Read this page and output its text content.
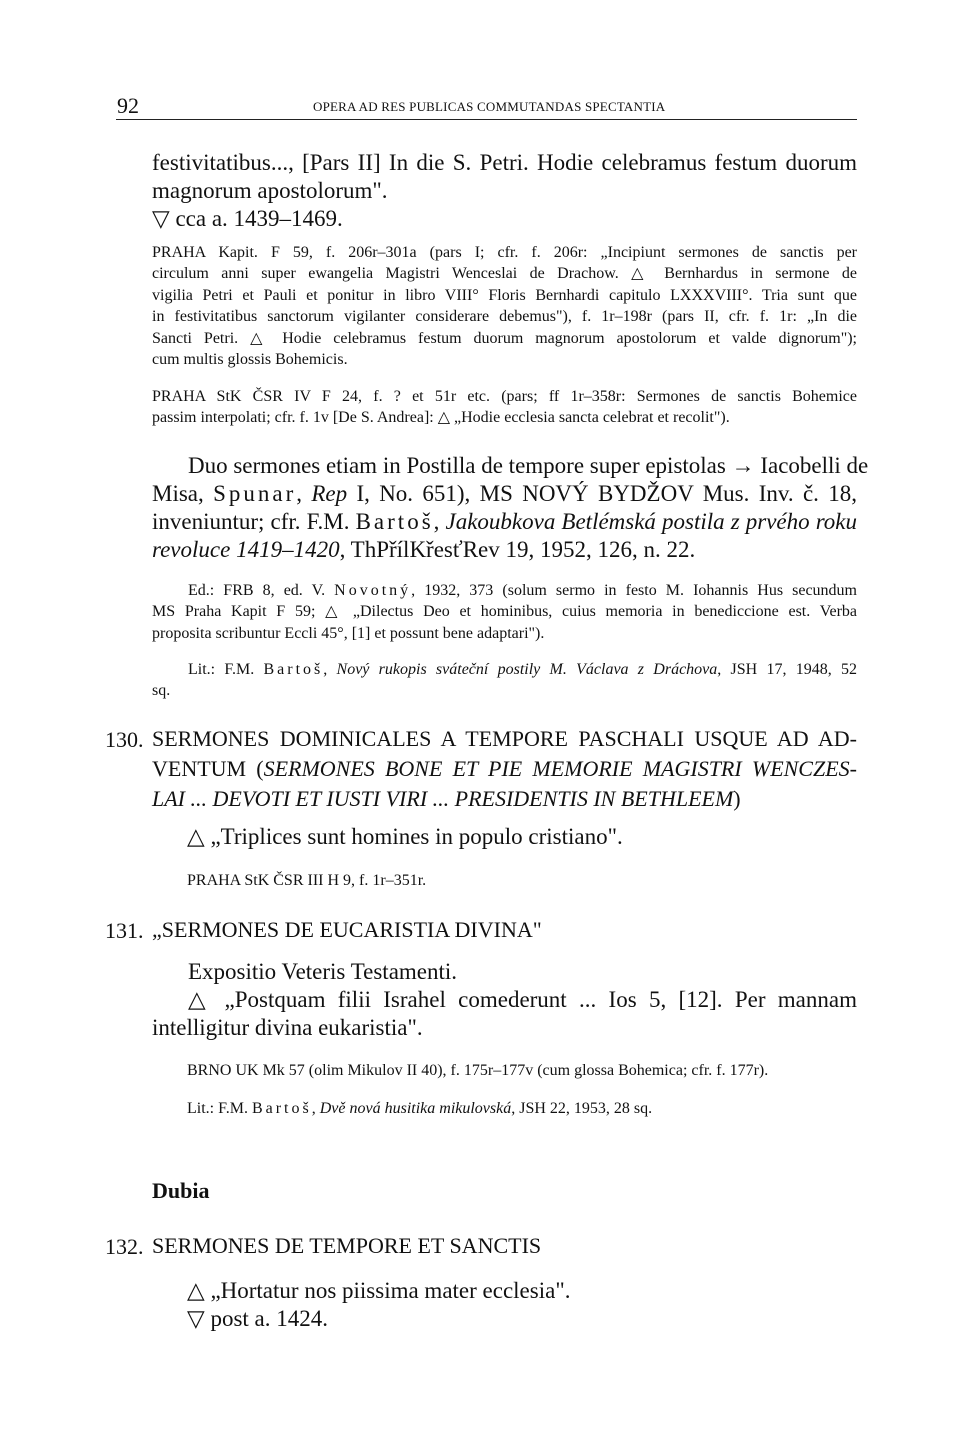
92	OPERA AD RES PUBLICAS COMMUTANDAS SPECTANTIA
festivitatibus..., [Pars II] In die S. Petri. Hodie celebramus festum duorum
magnorum apostolorum".
▽ cca a. 1439–1469.
PRAHA Kapit. F 59, f. 206r–301a (pars I; cfr. f. 206r: „Incipiunt sermones de sanctis per
circulum anni super ewangelia Magistri Wenceslai de Drachow. △ Bernhardus in sermone de
vigilia Petri et Pauli et ponitur in libro VIII° Floris Bernhardi capitulo LXXXVIII°. Tria sunt que
in festivitatibus sanctorum vigilanter considerare debemus"), f. 1r–198r (pars II, cfr. f. 1r: „In die
Sancti Petri. △ Hodie celebramus festum duorum magnorum apostolorum et valde dignorum");
cum multis glossis Bohemicis.
PRAHA StK ČSR IV F 24, f. ? et 51r etc. (pars; ff 1r–358r: Sermones de sanctis Bohemice
passim interpolati; cfr. f. 1v [De S. Andrea]: △ „Hodie ecclesia sancta celebrat et recolit").
Duo sermones etiam in Postilla de tempore super epistolas → Iacobelli de
Misa, Spunar, Rep I, No. 651), MS NOVÝ BYDŽOV Mus. Inv. č. 18,
inveniuntur; cfr. F.M. Bartoš, Jakoubkova Betlémská postila z prvého roku
revoluce 1419–1420, ThPřílKřesťRev 19, 1952, 126, n. 22.
Ed.: FRB 8, ed. V. Novotný, 1932, 373 (solum sermo in festo M. Iohannis Hus secundum
MS Praha Kapit F 59; △ „Dilectus Deo et hominibus, cuius memoria in benediccione est. Verba
proposita scribuntur Eccli 45°, [1] et possunt bene adaptari").
Lit.: F.M. Bartoš, Nový rukopis sváteční postily M. Václava z Dráchova, JSH 17, 1948, 52
sq.
130. SERMONES DOMINICALES A TEMPORE PASCHALI USQUE AD AD-
VENTUM (SERMONES BONE ET PIE MEMORIE MAGISTRI WENCZES-
LAI ... DEVOTI ET IUSTI VIRI ... PRESIDENTIS IN BETHLEEM)
△ „Triplices sunt homines in populo cristiano".
PRAHA StK ČSR III H 9, f. 1r–351r.
131. „SERMONES DE EUCARISTIA DIVINA"
Expositio Veteris Testamenti.
△ „Postquam filii Israhel comederunt ... Ios 5, [12]. Per mannam
intelligitur divina eukaristia".
BRNO UK Mk 57 (olim Mikulov II 40), f. 175r–177v (cum glossa Bohemica; cfr. f. 177r).
Lit.: F.M. Bartoš, Dvě nová husitika mikulovská, JSH 22, 1953, 28 sq.
Dubia
132. SERMONES DE TEMPORE ET SANCTIS
△ „Hortatur nos piissima mater ecclesia".
▽ post a. 1424.
